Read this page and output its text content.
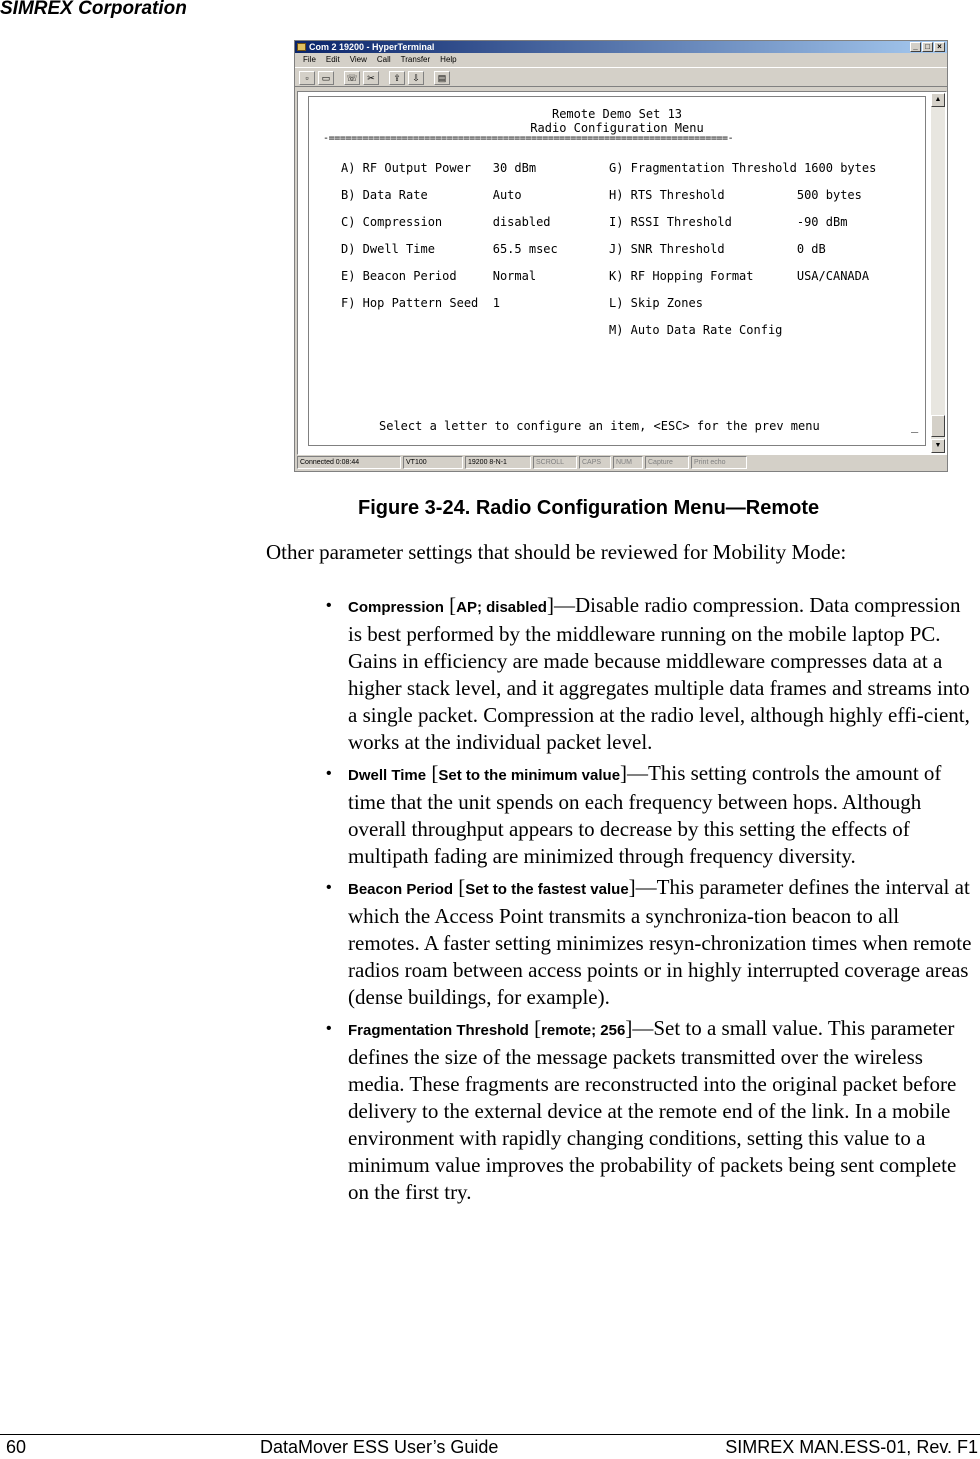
SIMREX Corporation
Com 2 19200 - HyperTerminal	_ □ ×
File Edit View Call Transfer Help
▫	▭	☏	✂	⇪	⇩	▤
Remote Demo Set 13
Radio Configuration Menu
-=======================================================================-
A) RF Output Power   30 dBm	G) Fragmentation Threshold 1600 bytes
B) Data Rate         Auto	H) RTS Threshold          500 bytes
C) Compression       disabled	I) RSSI Threshold         -90 dBm
D) Dwell Time        65.5 msec	J) SNR Threshold          0 dB
E) Beacon Period     Normal	K) RF Hopping Format      USA/CANADA
F) Hop Pattern Seed  1	L) Skip Zones
M) Auto Data Rate Config
Select a letter to configure an item, <ESC> for the prev menu	_
▲
▼
Connected 0:08:44	VT100	19200 8-N-1	SCROLL	CAPS	NUM	Capture	Print echo
Figure 3-24. Radio Configuration Menu—Remote
Other parameter settings that should be reviewed for Mobility Mode:
• Compression [AP; disabled]—Disable radio compression. Data compression is best performed by the middleware running on the mobile laptop PC. Gains in efficiency are made because middleware compresses data at a higher stack level, and it aggregates multiple data frames and streams into a single packet. Compression at the radio level, although highly effi-cient, works at the individual packet level.
• Dwell Time [Set to the minimum value]—This setting controls the amount of time that the unit spends on each frequency between hops. Although overall throughput appears to decrease by this setting the effects of multipath fading are minimized through frequency diversity.
• Beacon Period [Set to the fastest value]—This parameter defines the interval at which the Access Point transmits a synchroniza-tion beacon to all remotes. A faster setting minimizes resyn-chronization times when remote radios roam between access points or in highly interrupted coverage areas (dense buildings, for example).
• Fragmentation Threshold [remote; 256]—Set to a small value. This parameter defines the size of the message packets transmitted over the wireless media. These fragments are reconstructed into the original packet before delivery to the external device at the remote end of the link. In a mobile environment with rapidly changing conditions, setting this value to a minimum value improves the probability of packets being sent complete on the first try.
60	DataMover ESS User’s Guide	SIMREX MAN.ESS-01, Rev. F1
